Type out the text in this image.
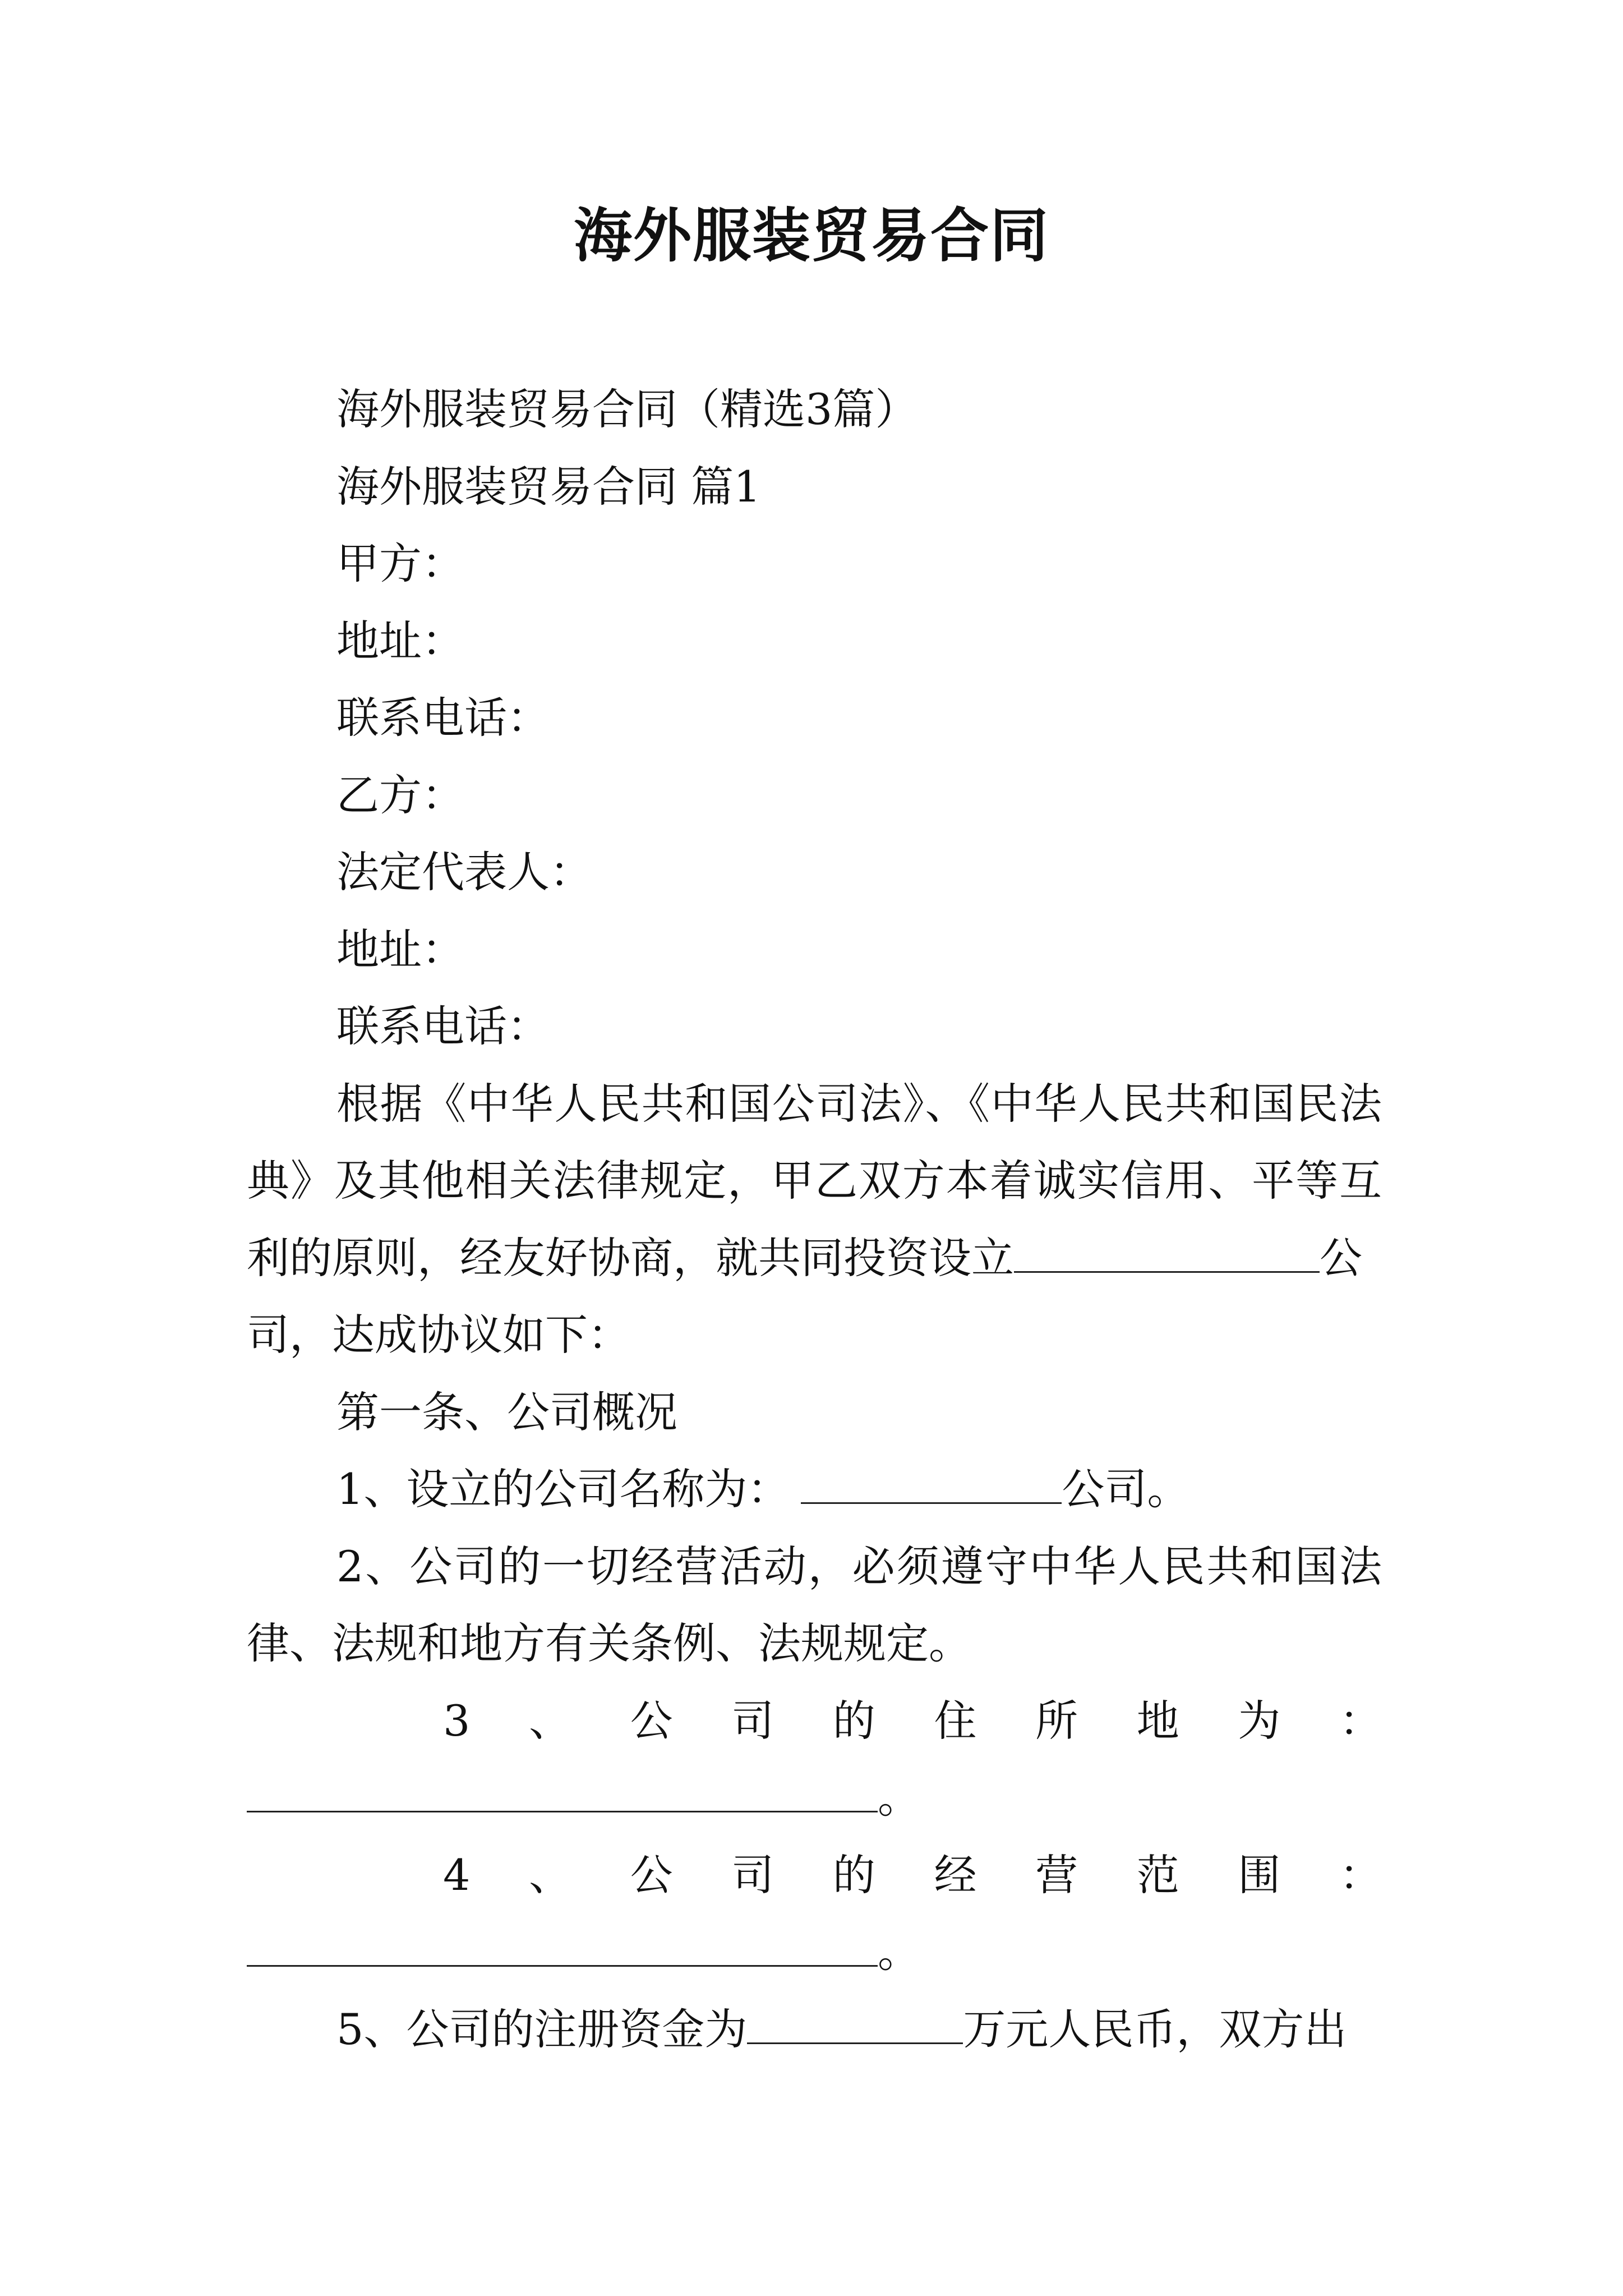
海外服装贸易合同
海外服装贸易合同（精选3篇）
海外服装贸易合同 篇1
甲方：
地址：
联系电话：
乙方：
法定代表人：
地址：
联系电话：
根据《中华人民共和国公司法》、《中华人民共和国民法
典》及其他相关法律规定，甲乙双方本着诚实信用、平等互
利的原则，经友好协商，就共同投资设立	公
司，达成协议如下：
第一条、公司概况
1、设立的公司名称为：	公司。
2、公司的一切经营活动，必须遵守中华人民共和国法
律、法规和地方有关条例、法规规定。
3 、 公 司 的 住 所 地 为 ：
。
4 、 公 司 的 经 营 范 围 ：
。
5、公司的注册资金为	万元人民币，双方出
